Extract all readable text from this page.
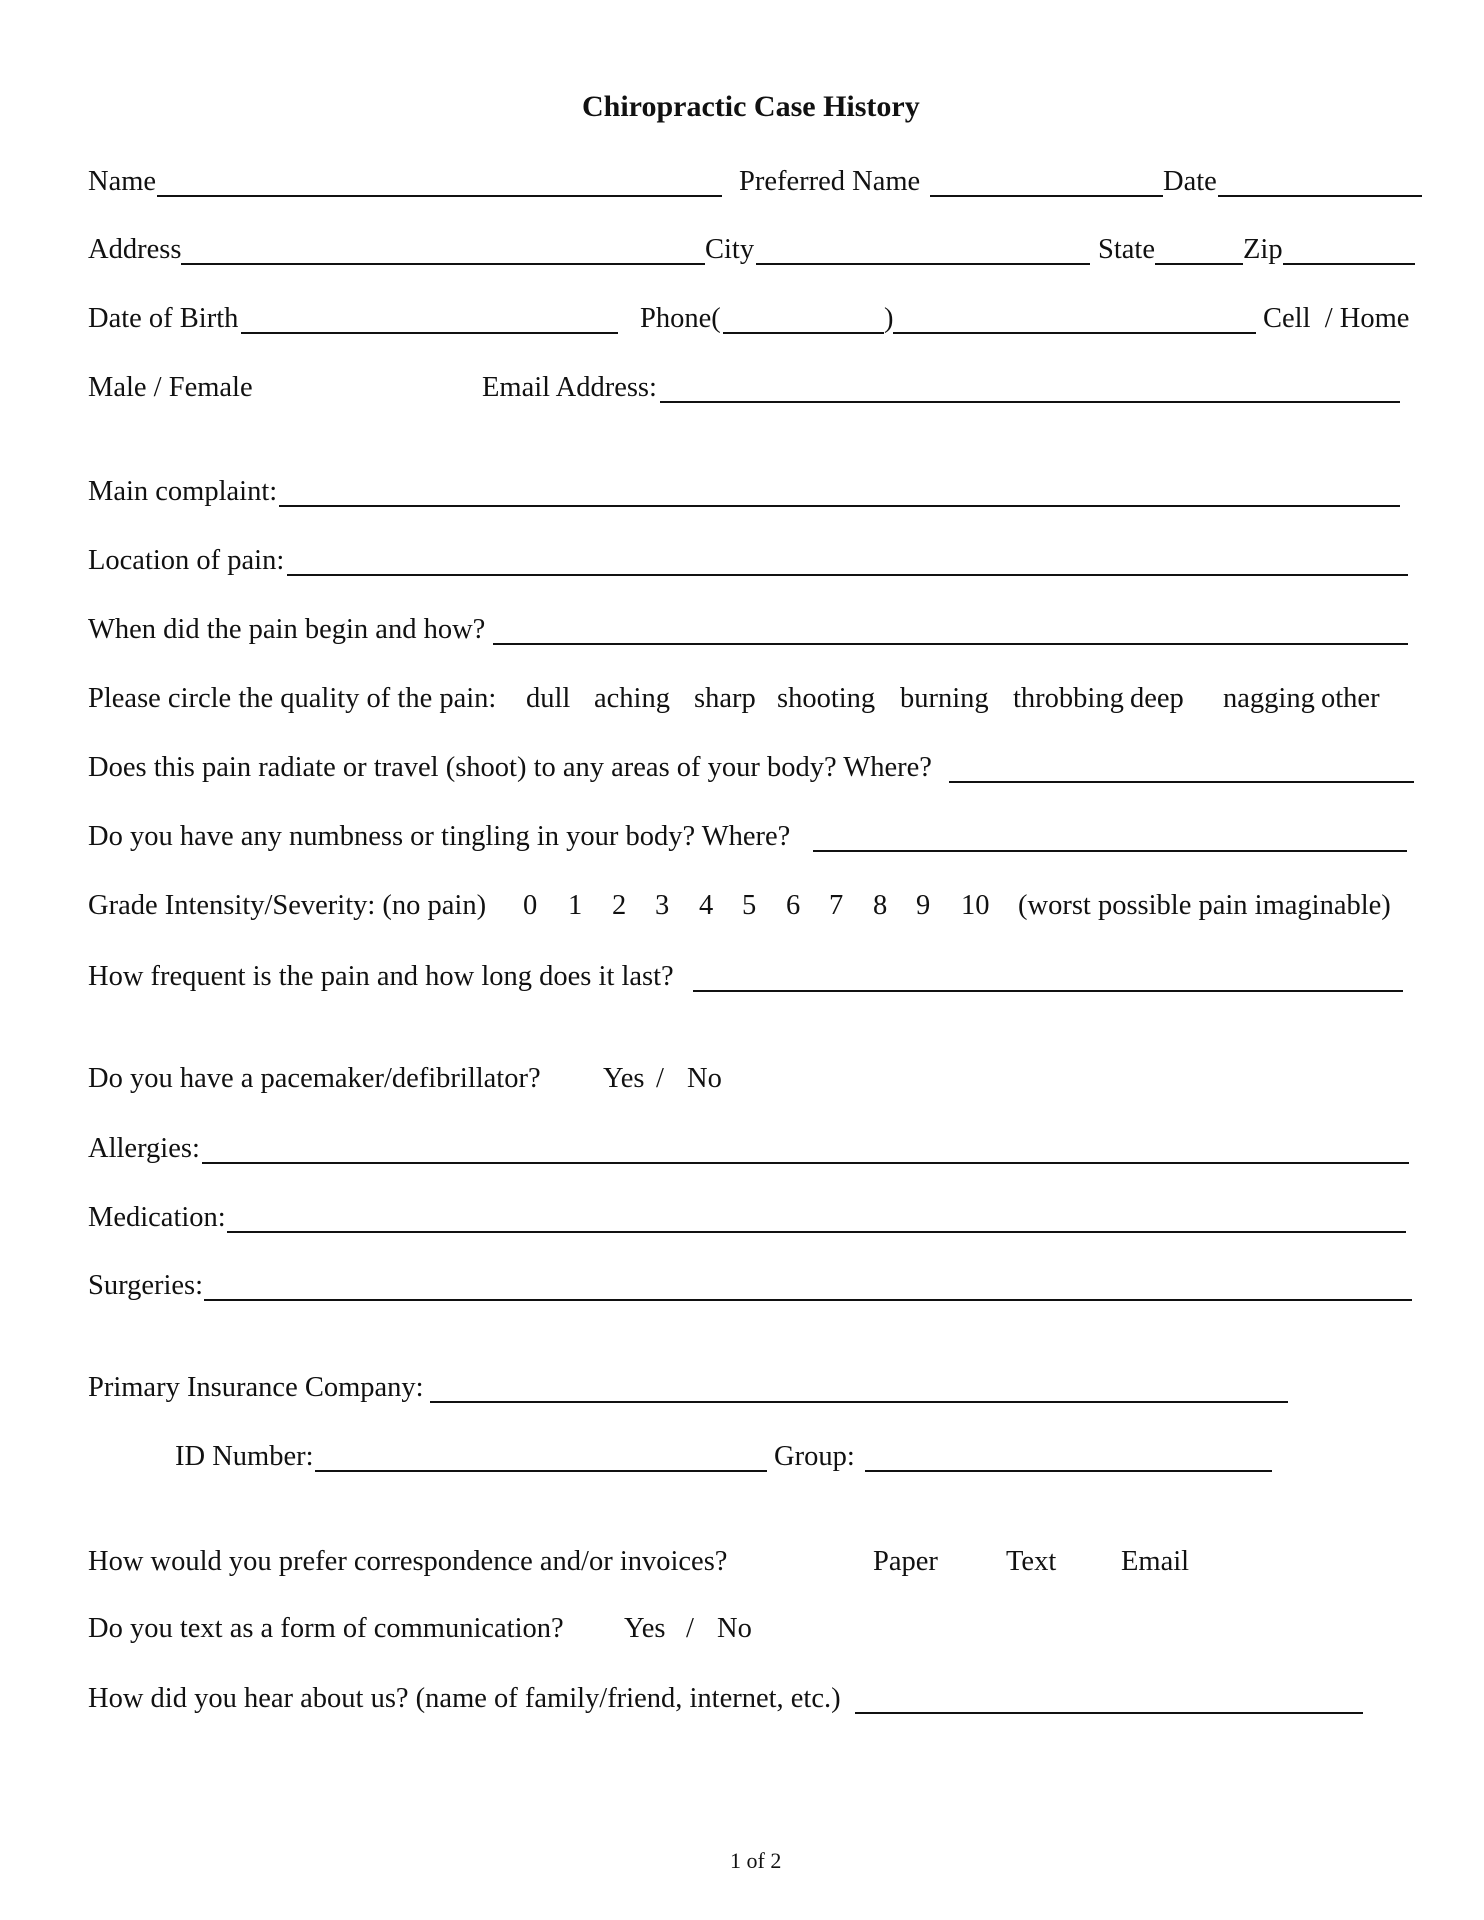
Chiropractic Case History
Name	Preferred Name	Date
Address	City	State	Zip
Date of Birth	Phone(	)	Cell  / Home
Male / Female	Email Address:
Main complaint:
Location of pain:
When did the pain begin and how?
Please circle the quality of the pain: dull aching sharp shooting burning throbbing deep nagging other
Does this pain radiate or travel (shoot) to any areas of your body? Where?
Do you have any numbness or tingling in your body? Where?
Grade Intensity/Severity: (no pain) 0 1 2 3 4 5 6 7 8 9 10 (worst possible pain imaginable)
How frequent is the pain and how long does it last?
Do you have a pacemaker/defibrillator? Yes / No
Allergies:
Medication:
Surgeries:
Primary Insurance Company:
ID Number:	Group:
How would you prefer correspondence and/or invoices?	Paper Text Email
Do you text as a form of communication? Yes / No
How did you hear about us? (name of family/friend, internet, etc.)
1 of 2
